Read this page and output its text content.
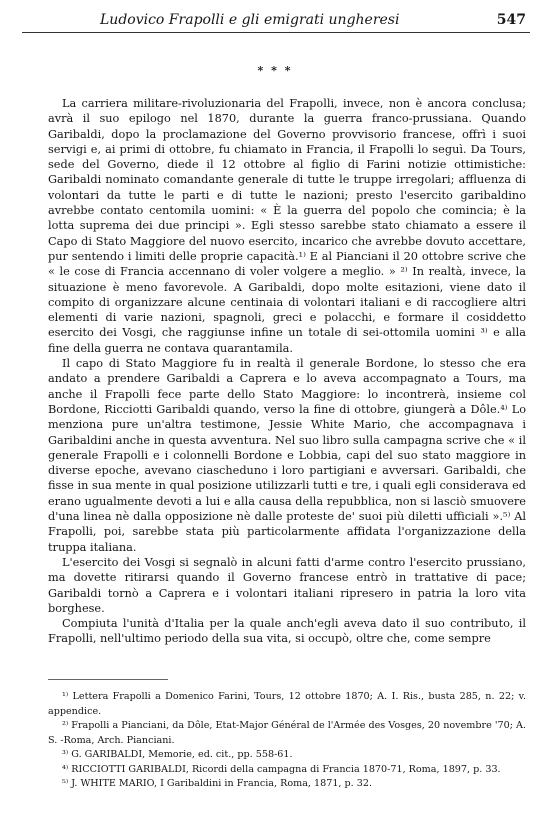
Ludovico Frapolli e gli emigrati ungheresi	547
* * *

La carriera militare-rivoluzionaria del Frapolli, invece, non è ancora conclusa; avrà il suo epilogo nel 1870, durante la guerra franco-prussiana. Quando Garibaldi, dopo la proclamazione del Governo provvisorio francese, offrì i suoi servigi e, ai primi di ottobre, fu chiamato in Francia, il Frapolli lo seguì. Da Tours, sede del Governo, diede il 12 ottobre al figlio di Farini notizie ottimistiche: Garibaldi nominato comandante generale di tutte le truppe irregolari; affluenza di volontari da tutte le parti e di tutte le nazioni; presto l'esercito garibaldino avrebbe contato centomila uomini: « È la guerra del popolo che comincia; è la lotta suprema dei due principi ». Egli stesso sarebbe stato chiamato a essere il Capo di Stato Maggiore del nuovo esercito, incarico che avrebbe dovuto accettare, pur sentendo i limiti delle proprie capacità.¹⁾ E al Pianciani il 20 ottobre scrive che « le cose di Francia accennano di voler volgere a meglio. » ²⁾ In realtà, invece, la situazione è meno favorevole. A Garibaldi, dopo molte esitazioni, viene dato il compito di organizzare alcune centinaia di volontari italiani e di raccogliere altri elementi di varie nazioni, spagnoli, greci e polacchi, e formare il cosiddetto esercito dei Vosgi, che raggiunse infine un totale di sei-ottomila uomini ³⁾ e alla fine della guerra ne contava quarantamila.

Il capo di Stato Maggiore fu in realtà il generale Bordone, lo stesso che era andato a prendere Garibaldi a Caprera e lo aveva accompagnato a Tours, ma anche il Frapolli fece parte dello Stato Maggiore: lo incontrerà, insieme col Bordone, Ricciotti Garibaldi quando, verso la fine di ottobre, giungerà a Dôle.⁴⁾ Lo menziona pure un'altra testimone, Jessie White Mario, che accompagnava i Garibaldini anche in questa avventura. Nel suo libro sulla campagna scrive che « il generale Frapolli e i colonnelli Bordone e Lobbia, capi del suo stato maggiore in diverse epoche, avevano ciascheduno i loro partigiani e avversari. Garibaldi, che fisse in sua mente in qual posizione utilizzarli tutti e tre, i quali egli considerava ed erano ugualmente devoti a lui e alla causa della repubblica, non si lasciò smuovere d'una linea nè dalla opposizione nè dalle proteste de' suoi più diletti ufficiali ».⁵⁾ Al Frapolli, poi, sarebbe stata più particolarmente affidata l'organizzazione della truppa italiana.

L'esercito dei Vosgi si segnalò in alcuni fatti d'arme contro l'esercito prussiano, ma dovette ritirarsi quando il Governo francese entrò in trattative di pace; Garibaldi tornò a Caprera e i volontari italiani ripresero in patria la loro vita borghese.

Compiuta l'unità d'Italia per la quale anch'egli aveva dato il suo contributo, il Frapolli, nell'ultimo periodo della sua vita, si occupò, oltre che, come sempre

¹⁾ Lettera Frapolli a Domenico Farini, Tours, 12 ottobre 1870; A. I. Ris., busta 285, n. 22; v. appendice.

²⁾ Frapolli a Pianciani, da Dôle, Etat-Major Général de l'Armée des Vosges, 20 novembre '70; A. S. -Roma, Arch. Pianciani.

³⁾ G. GARIBALDI, Memorie, ed. cit., pp. 558-61.

⁴⁾ RICCIOTTI GARIBALDI, Ricordi della campagna di Francia 1870-71, Roma, 1897, p. 33.

⁵⁾ J. WHITE MARIO, I Garibaldini in Francia, Roma, 1871, p. 32.
